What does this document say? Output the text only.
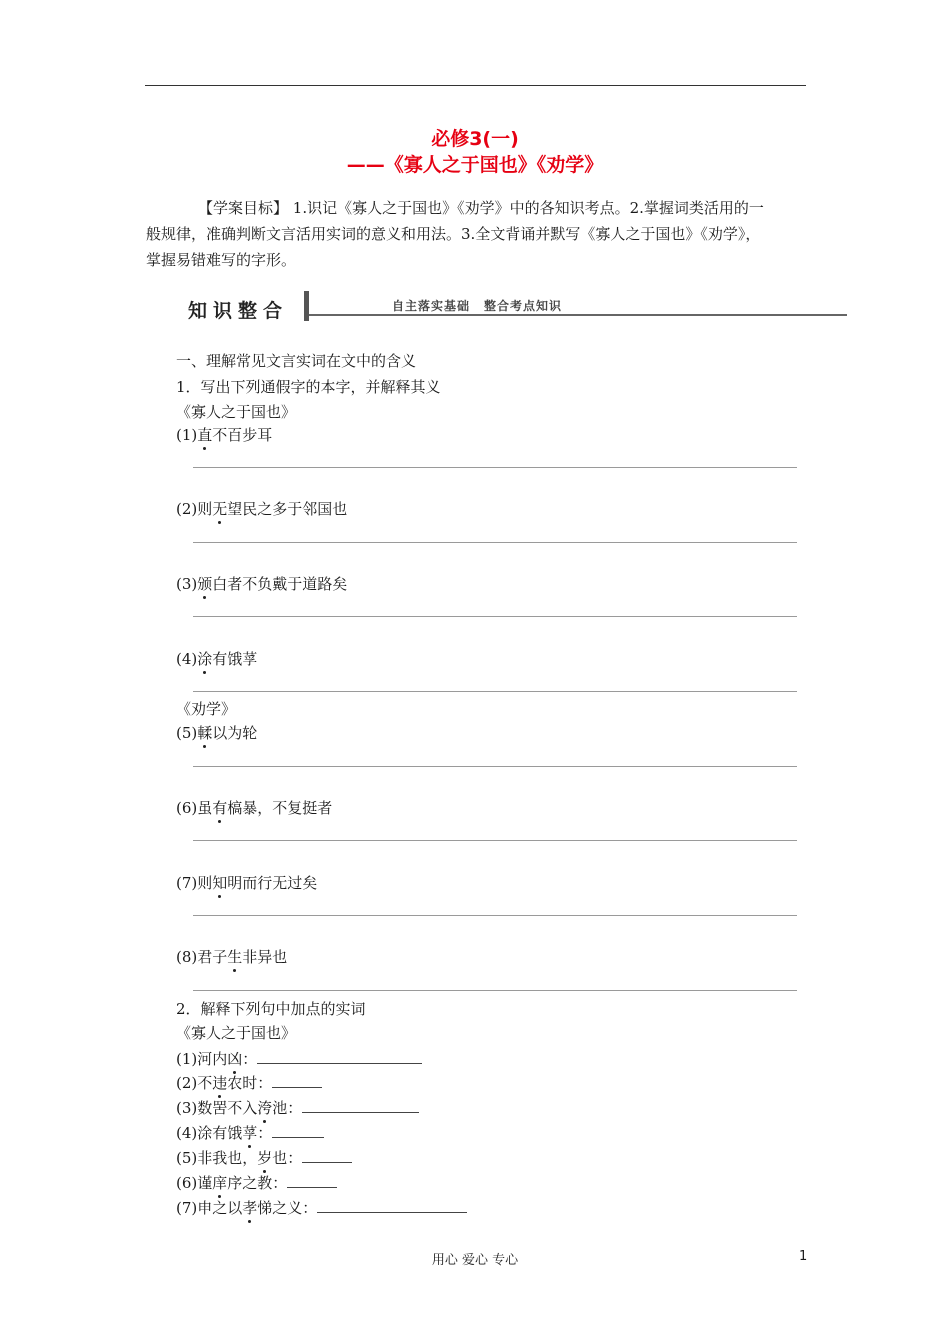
必修3(一)
——《寡人之于国也》《劝学》
【学案目标】 1.识记《寡人之于国也》《劝学》中的各知识考点。2.掌握词类活用的一
般规律，准确判断文言活用实词的意义和用法。3.全文背诵并默写《寡人之于国也》《劝学》，
掌握易错难写的字形。
知识整合	自主落实基础 整合考点知识
一、理解常见文言实词在文中的含义
1．写出下列通假字的本字，并解释其义
《寡人之于国也》
(1)直不百步耳
(2)则无望民之多于邻国也
(3)颁白者不负戴于道路矣
(4)涂有饿莩
《劝学》
(5)輮以为轮
(6)虽有槁暴，不复挺者
(7)则知明而行无过矣
(8)君子生非异也
2．解释下列句中加点的实词
《寡人之于国也》
(1)河内凶：
(2)不违农时：
(3)数罟不入洿池：
(4)涂有饿莩：
(5)非我也，岁也：
(6)谨庠序之教：
(7)申之以孝悌之义：
用心 爱心 专心	1
